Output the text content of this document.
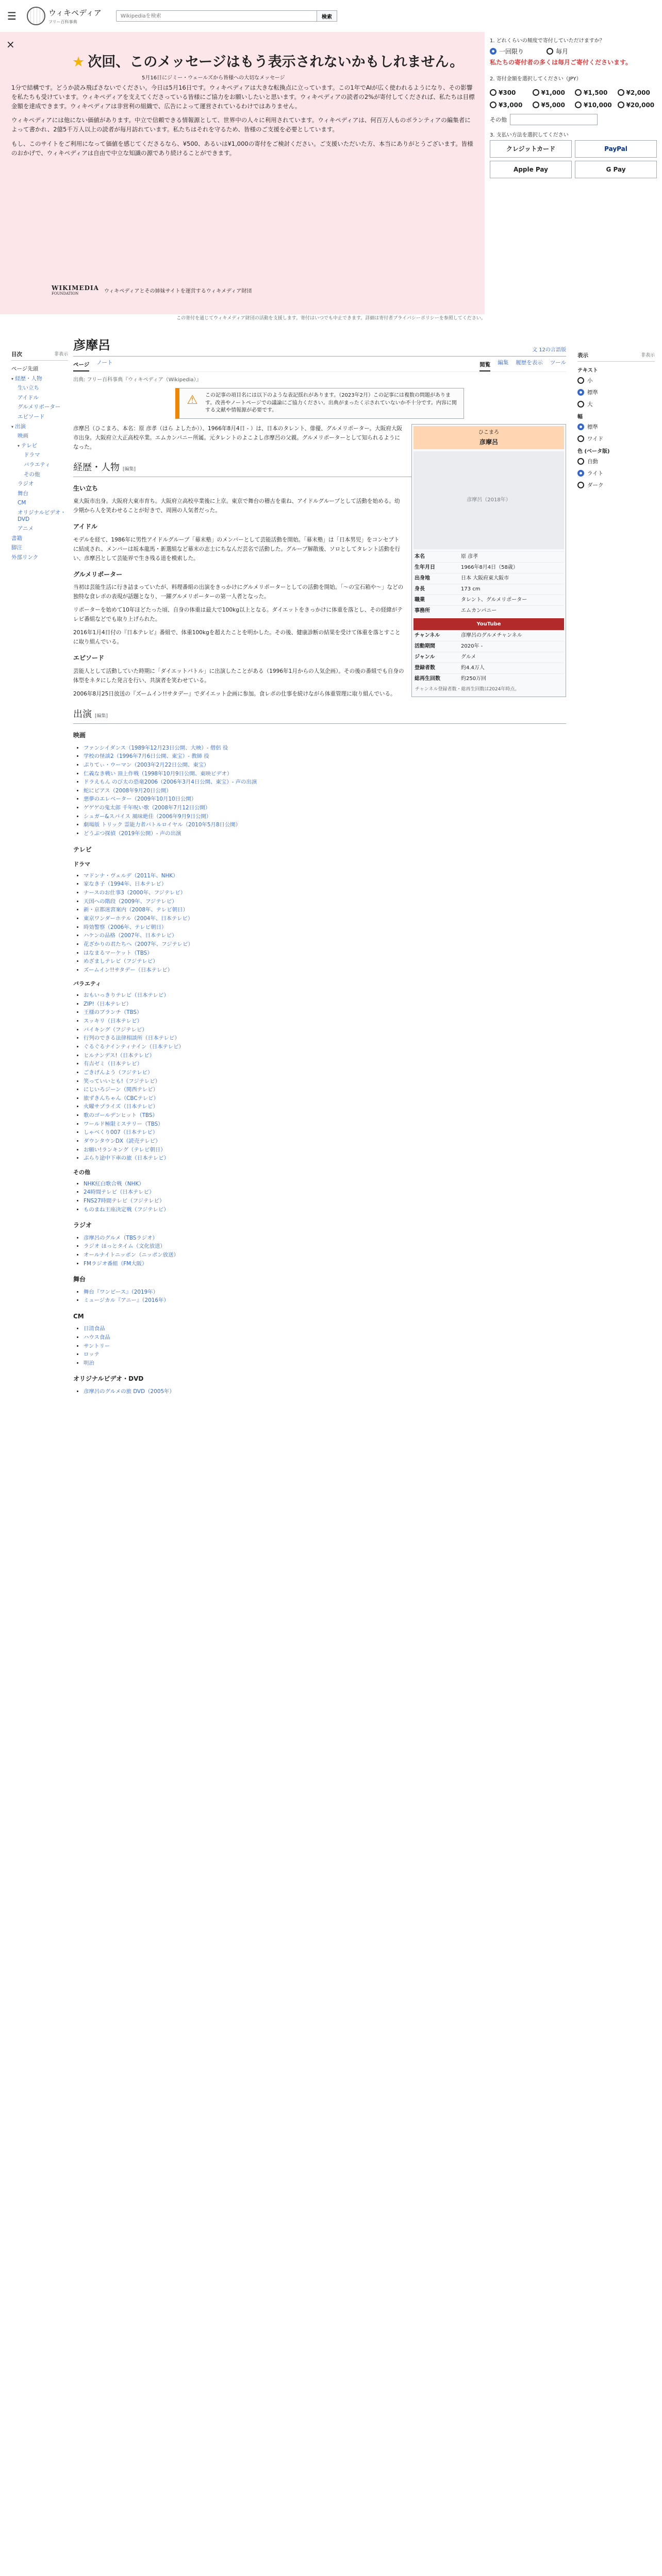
☰	ウィキペディア
フリー百科事典
Wikipediaを検索
検索
×
★ 次回、このメッセージはもう表示されないかもしれません。
5月16日にジミー・ウェールズから皆様への大切なメッセージ

1分で結構です。どうか読み飛ばさないでください。今日は5月16日です。ウィキペディアは大きな転換点に立っています。この1年でAIが広く使われるようになり、その影響を私たちも受けています。ウィキペディアを支えてくださっている皆様にご協力をお願いしたいと思います。ウィキペディアの読者の2%が寄付してくだされば、私たちは目標金額を達成できます。ウィキペディアは非営利の組織で、広告によって運営されているわけではありません。

ウィキペディアには他にない価値があります。中立で信頼できる情報源として、世界中の人々に利用されています。ウィキペディアは、何百万人ものボランティアの編集者によって書かれ、2億5千万人以上の読者が毎月訪れています。私たちはそれを守るため、皆様のご支援を必要としています。

もし、このサイトをご利用になって価値を感じてくださるなら、¥500、あるいは¥1,000の寄付をご検討ください。ご支援いただいた方、本当にありがとうございます。皆様のおかげで、ウィキペディアは自由で中立な知識の源であり続けることができます。

WIKIMEDIA
FOUNDATION	ウィキペディアとその姉妹サイトを運営するウィキメディア財団
1. どれくらいの頻度で寄付していただけますか？
一回限り	毎月
私たちの寄付者の多くは毎月ご寄付くださいます。
2. 寄付金額を選択してください（JPY）
¥300	¥1,000	¥1,500	¥2,000
¥3,000	¥5,000	¥10,000 ¥20,000
その他
3. 支払い方法を選択してください
クレジットカード	PayPal
Apple Pay	G Pay
この寄付を通じてウィキメディア財団の活動を支援します。寄付はいつでも中止できます。詳細は寄付者プライバシーポリシーを参照してください。
目次	非表示
ページ先頭
▾ 経歴・人物
生い立ち
アイドル
グルメリポーター
エピソード
▾ 出演
映画
▾ テレビ
ドラマ
バラエティ
その他
ラジオ
舞台
CM
オリジナルビデオ・DVD
アニメ
書籍
脚注
外部リンク
彦摩呂	文 12の言語版
ページ ノート	閲覧 編集 履歴を表示 ツール
出典: フリー百科事典『ウィキペディア（Wikipedia）』
⚠	この記事の項目名には以下のような表記揺れがあります。（2023年2月）この記事には複数の問題があります。改善やノートページでの議論にご協力ください。出典がまったく示されていないか不十分です。内容に関する文献や情報源が必要です。
ひこまろ
彦摩呂
彦摩呂（2018年）
本名	原 彦孝
生年月日	1966年8月4日（58歳）
出身地	日本 大阪府東大阪市
身長	173 cm
職業	タレント、グルメリポーター
事務所	エムカンパニー
YouTube
チャンネル	彦摩呂のグルメチャンネル
活動期間	2020年 -
ジャンル	グルメ
登録者数	約4.4万人
総再生回数	約250万回
チャンネル登録者数・総再生回数は2024年時点。

彦摩呂（ひこまろ、本名：原 彦孝（はら よしたか））、1966年8月4日 - ）は、日本のタレント、俳優、グルメリポーター。大阪府大阪市出身。大阪府立大正高校卒業。エムカンパニー所属。元タレントのよこよし彦摩呂の父親。グルメリポーターとして知られるようになった。

経歴・人物 [編集]
生い立ち

東大阪市出身。大阪府大東市育ち。大阪府立高校卒業後に上京。東京で舞台の稽古を重ね、アイドルグループとして活動を始める。幼少期から人を笑わせることが好きで、周囲の人気者だった。

アイドル

モデルを経て、1986年に男性アイドルグループ「幕末塾」のメンバーとして芸能活動を開始。「幕末塾」は「日本男児」をコンセプトに結成され、メンバーは坂本龍馬・新選組など幕末の志士にちなんだ芸名で活動した。グループ解散後、ソロとしてタレント活動を行い、彦摩呂として芸能界で生き残る道を模索した。

グルメリポーター

当初は芸能生活に行き詰まっていたが、料理番組の出演をきっかけにグルメリポーターとしての活動を開始。「〜の宝石箱や〜」などの独特な食レポの表現が話題となり、一躍グルメリポーターの第一人者となった。

リポーターを始めて10年ほどたった頃、自身の体重は最大で100kg以上となる。ダイエットをきっかけに体重を落とし、その経緯がテレビ番組などでも取り上げられた。

2016年1月4日付の『日本テレビ』番組で、体重100kgを超えたことを明かした。その後、健康診断の結果を受けて体重を落とすことに取り組んでいる。

エピソード

芸能人として活動していた時期に「ダイエットバトル」に出演したことがある（1996年1月からの人気企画）。その後の番組でも自身の体型をネタにした発言を行い、共演者を笑わせている。

2006年8月25日放送の『ズームイン!!サタデー』でダイエット企画に参加。食レポの仕事を続けながら体重管理に取り組んでいる。

出演 [編集]
映画
• ファンシイダンス（1989年12月23日公開、大映）- 僧侶 役
• 学校の怪談2（1996年7月6日公開、東宝）- 教師 役
• ぷりてぃ・ウーマン（2003年2月22日公開、東宝）
• 仁義なき戦い 頂上作戦（1998年10月9日公開、東映ビデオ）
• ドラえもん のび太の恐竜2006（2006年3月4日公開、東宝）- 声の出演
• 蛇にピアス（2008年9月20日公開）
• 悪夢のエレベーター（2009年10月10日公開）
• ゲゲゲの鬼太郎 千年呪い歌（2008年7月12日公開）
• シュガー&スパイス 風味絶佳（2006年9月9日公開）
• 劇場版 トリック 霊能力者バトルロイヤル（2010年5月8日公開）
• どうぶつ探偵（2019年公開）- 声の出演
テレビ
ドラマ
• マドンナ・ヴェルデ（2011年、NHK）
• 家なき子（1994年、日本テレビ）
• ナースのお仕事3（2000年、フジテレビ）
• 天国への階段（2009年、フジテレビ）
• 新・京都迷宮案内（2008年、テレビ朝日）
• 東京ワンダーホテル（2004年、日本テレビ）
• 時効警察（2006年、テレビ朝日）
• ハケンの品格（2007年、日本テレビ）
• 花ざかりの君たちへ（2007年、フジテレビ）
• はなまるマーケット（TBS）
• めざましテレビ（フジテレビ）
• ズームイン!!サタデー（日本テレビ）
バラエティ
• おもいっきりテレビ（日本テレビ）
• ZIP!（日本テレビ）
• 王様のブランチ（TBS）
• スッキリ（日本テレビ）
• バイキング（フジテレビ）
• 行列のできる法律相談所（日本テレビ）
• ぐるぐるナインティナイン（日本テレビ）
• ヒルナンデス!（日本テレビ）
• 有吉ゼミ（日本テレビ）
• ごきげんよう（フジテレビ）
• 笑っていいとも!（フジテレビ）
• にじいろジーン（関西テレビ）
• 旅ずきんちゃん（CBCテレビ）
• 火曜サプライズ（日本テレビ）
• 歌のゴールデンヒット（TBS）
• ワールド極限ミステリー（TBS）
• しゃべくり007（日本テレビ）
• ダウンタウンDX（読売テレビ）
• お願い!ランキング（テレビ朝日）
• ぶらり途中下車の旅（日本テレビ）
その他
• NHK紅白歌合戦（NHK）
• 24時間テレビ（日本テレビ）
• FNS27時間テレビ（フジテレビ）
• ものまね王座決定戦（フジテレビ）
ラジオ
• 彦摩呂のグルメ（TBSラジオ）
• ラジオ ほっとタイム（文化放送）
• オールナイトニッポン（ニッポン放送）
• FMラジオ番組（FM大阪）
舞台
• 舞台『ワンピース』（2019年）
• ミュージカル『アニー』（2016年）
CM
• 日清食品
• ハウス食品
• サントリー
• ロッテ
• 明治
オリジナルビデオ・DVD
• 彦摩呂のグルメの旅 DVD（2005年）
表示	非表示
テキスト
小
標準
大
幅
標準
ワイド
色 (ベータ版)
自動
ライト
ダーク
